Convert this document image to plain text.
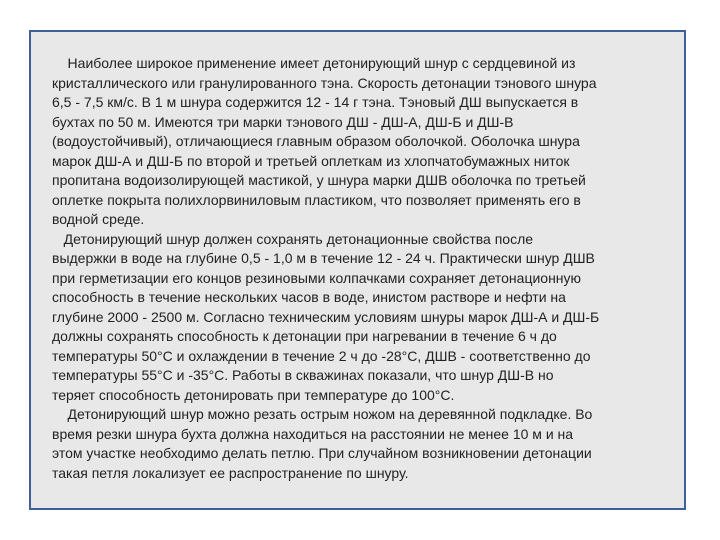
Наиболее широкое применение имеет детонирующий шнур с сердцевиной из
кристаллического или гранулированного тэна. Скорость детонации тэнового шнура
6,5 - 7,5 км/с. В 1 м шнура содержится 12 - 14 г тэна. Тэновый ДШ выпускается в
бухтах по 50 м. Имеются три марки тэнового ДШ - ДШ-А, ДШ-Б и ДШ-В
(водоустойчивый), отличающиеся главным образом оболочкой. Оболочка шнура
марок ДШ-А и ДШ-Б по второй и третьей оплеткам из хлопчатобумажных ниток
пропитана водоизолирующей мастикой, у шнура марки ДШВ оболочка по третьей
оплетке покрыта полихлорвиниловым пластиком, что позволяет применять его в
водной среде.
Детонирующий шнур должен сохранять детонационные свойства после
выдержки в воде на глубине 0,5 - 1,0 м в течение 12 - 24 ч. Практически шнур ДШВ
при герметизации его концов резиновыми колпачками сохраняет детонационную
способность в течение нескольких часов в воде, инистом растворе и нефти на
глубине 2000 - 2500 м. Согласно техническим условиям шнуры марок ДШ-А и ДШ-Б
должны сохранять способность к детонации при нагревании в течение 6 ч до
температуры 50°С и охлаждении в течение 2 ч до -28°С, ДШВ - соответственно до
температуры 55°С и -35°С. Работы в скважинах показали, что шнур ДШ-В но
теряет способность детонировать при температуре до 100°С.
Детонирующий шнур можно резать острым ножом на деревянной подкладке. Во
время резки шнура бухта должна находиться на расстоянии не менее 10 м и на
этом участке необходимо делать петлю. При случайном возникновении детонации
такая петля локализует ее распространение по шнуру.
